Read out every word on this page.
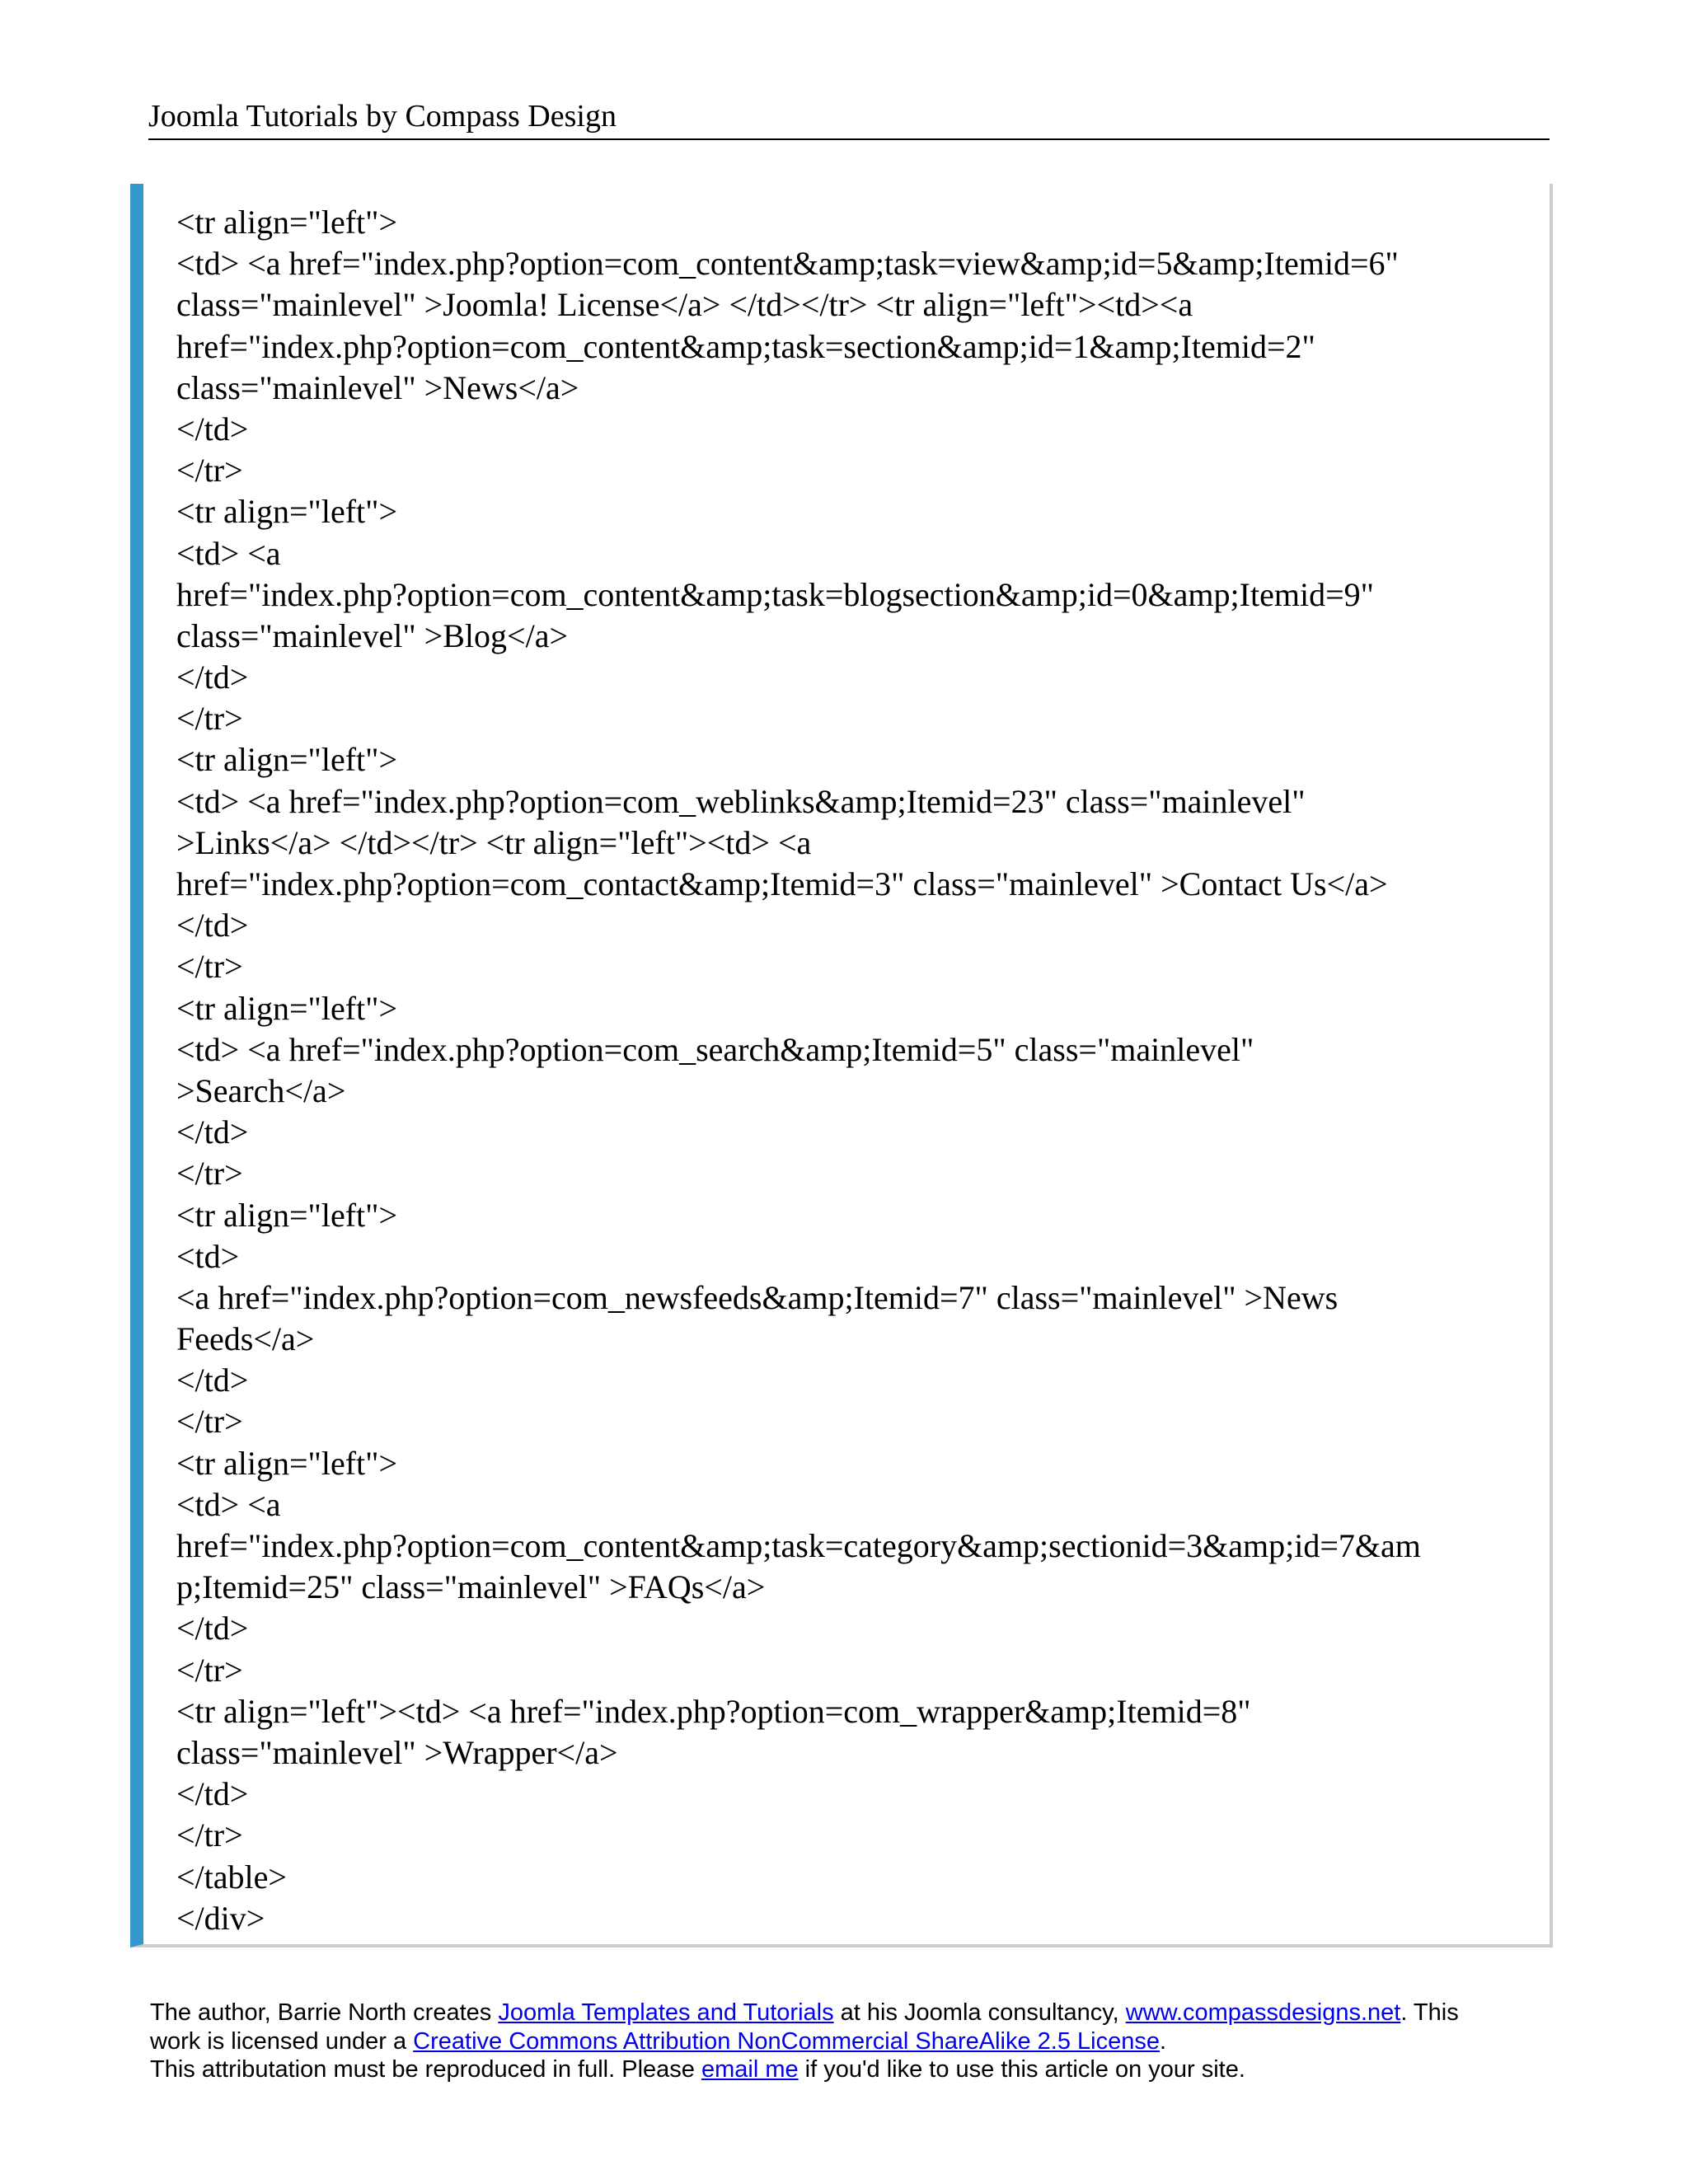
Joomla Tutorials by Compass Design
<tr align="left">
<td> <a href="index.php?option=com_content&amp;task=view&amp;id=5&amp;Itemid=6"
class="mainlevel" >Joomla! License</a> </td></tr> <tr align="left"><td><a
href="index.php?option=com_content&amp;task=section&amp;id=1&amp;Itemid=2"
class="mainlevel" >News</a>
</td>
</tr>
<tr align="left">
<td> <a
href="index.php?option=com_content&amp;task=blogsection&amp;id=0&amp;Itemid=9"
class="mainlevel" >Blog</a>
</td>
</tr>
<tr align="left">
<td> <a href="index.php?option=com_weblinks&amp;Itemid=23" class="mainlevel"
>Links</a> </td></tr> <tr align="left"><td> <a
href="index.php?option=com_contact&amp;Itemid=3" class="mainlevel" >Contact Us</a>
</td>
</tr>
<tr align="left">
<td> <a href="index.php?option=com_search&amp;Itemid=5" class="mainlevel"
>Search</a>
</td>
</tr>
<tr align="left">
<td>
<a href="index.php?option=com_newsfeeds&amp;Itemid=7" class="mainlevel" >News
Feeds</a>
</td>
</tr>
<tr align="left">
<td> <a
href="index.php?option=com_content&amp;task=category&amp;sectionid=3&amp;id=7&am
p;Itemid=25" class="mainlevel" >FAQs</a>
</td>
</tr>
<tr align="left"><td> <a href="index.php?option=com_wrapper&amp;Itemid=8"
class="mainlevel" >Wrapper</a>
</td>
</tr>
</table>
</div>
The author, Barrie North creates Joomla Templates and Tutorials at his Joomla consultancy, www.compassdesigns.net. This
work is licensed under a Creative Commons Attribution NonCommercial ShareAlike 2.5 License.
This attributation must be reproduced in full. Please email me if you'd like to use this article on your site.
